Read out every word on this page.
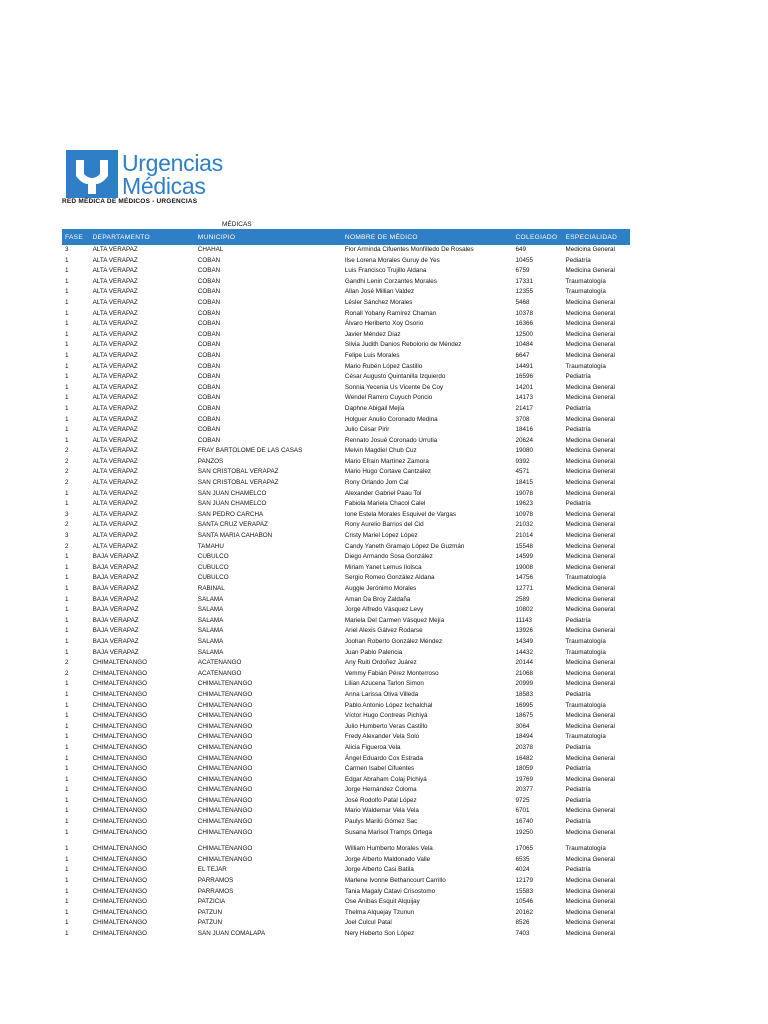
Urgencias
Médicas
RED MÉDICA DE MÉDICOS - URGENCIAS
MÉDICAS
FASE	DEPARTAMENTO	MUNICIPIO	NOMBRE DE MÉDICO	COLEGIADO	ESPECIALIDAD
3	ALTA VERAPAZ	CHAHAL	Flor Arminda Cifuentes Monfilledo De Rosales	649	Medicina General
1	ALTA VERAPAZ	COBAN	Ilse Lorena Morales Guruy de Yes	10455	Pediatría
1	ALTA VERAPAZ	COBAN	Luis Francisco Trujillo Aldana	6759	Medicina General
1	ALTA VERAPAZ	COBAN	Gandhi Lenin Corzantes Morales	17331	Traumatología
1	ALTA VERAPAZ	COBAN	Allan José Millian Valdez	12355	Traumatología
1	ALTA VERAPAZ	COBAN	Lésler Sánchez Morales	5468	Medicina General
1	ALTA VERAPAZ	COBAN	Ronall Yobany Ramírez Chaman	10378	Medicina General
1	ALTA VERAPAZ	COBAN	Álvaro Heriberto Xoy Osorio	16366	Medicina General
1	ALTA VERAPAZ	COBAN	Javier Méndez Díaz	12500	Medicina General
1	ALTA VERAPAZ	COBAN	Silvia Judith Danios Rebolorio de Méndez	10484	Medicina General
1	ALTA VERAPAZ	COBAN	Felipe Luis Morales	6647	Medicina General
1	ALTA VERAPAZ	COBAN	Mario Rubén López Castillo	14491	Traumatología
1	ALTA VERAPAZ	COBAN	César Augusto Quintanilla Izquierdo	16596	Pediatría
1	ALTA VERAPAZ	COBAN	Sonnia Yecenia Us Vicente De Coy	14201	Medicina General
1	ALTA VERAPAZ	COBAN	Wendel Ramiro Cuyuch Poncio	14173	Medicina General
1	ALTA VERAPAZ	COBAN	Daphne Abigail Mejía	21417	Pediatría
1	ALTA VERAPAZ	COBAN	Holguer Anulio Coronado Medina	3708	Medicina General
1	ALTA VERAPAZ	COBAN	Julio César Pirir	18416	Pediatría
1	ALTA VERAPAZ	COBAN	Rennato Josué Coronado Urrutia	20624	Medicina General
2	ALTA VERAPAZ	FRAY BARTOLOME DE LAS CASAS	Melvin Magdiel Chub Cuz	19080	Medicina General
2	ALTA VERAPAZ	PANZOS	Mario Efraín Martínez Zamora	9392	Medicina General
2	ALTA VERAPAZ	SAN CRISTOBAL VERAPAZ	Mario Hugo Cortave Cantzalez	4571	Medicina General
2	ALTA VERAPAZ	SAN CRISTOBAL VERAPAZ	Rony Orlando Jom Cal	18415	Medicina General
1	ALTA VERAPAZ	SAN JUAN CHAMELCO	Alexander Gabriel Paau Tol	19078	Medicina General
1	ALTA VERAPAZ	SAN JUAN CHAMELCO	Fabiola Mariela Chacol Calel	19623	Pediatría
3	ALTA VERAPAZ	SAN PEDRO CARCHA	Ione Estela Morales Esquivel de Vargas	10978	Medicina General
2	ALTA VERAPAZ	SANTA CRUZ VERAPAZ	Rony Aurelio Barrios del Cid	21032	Medicina General
3	ALTA VERAPAZ	SANTA MARIA CAHABON	Cristy Mariel López López	21014	Medicina General
2	ALTA VERAPAZ	TAMAHU	Candy Yaneth Gramajo López De Guzmán	15548	Medicina General
1	BAJA VERAPAZ	CUBULCO	Diego Armando Sosa González	14599	Medicina General
1	BAJA VERAPAZ	CUBULCO	Miriam Yanet Lemus Ilolsca	19008	Medicina General
1	BAJA VERAPAZ	CUBULCO	Sergio Romeo González Aldana	14756	Traumatología
1	BAJA VERAPAZ	RABINAL	Auggie Jerónimo Morales	12771	Medicina General
1	BAJA VERAPAZ	SALAMA	Aman Da Broy Zaldaña	2589	Medicina General
1	BAJA VERAPAZ	SALAMA	Jorge Alfredo Vásquez Levy	10802	Medicina General
1	BAJA VERAPAZ	SALAMA	Mariela Del Carmen Vásquez Mejía	11143	Pediatría
1	BAJA VERAPAZ	SALAMA	Ariel Alexis Gálvez Rodarse	13926	Medicina General
1	BAJA VERAPAZ	SALAMA	Joohan Roberto González Méndez	14349	Traumatología
1	BAJA VERAPAZ	SALAMA	Juan Pablo Palencia	14432	Traumatología
2	CHIMALTENANGO	ACATENANGO	Any Ruiti Ordoñez Juárez	20144	Medicina General
2	CHIMALTENANGO	ACATENANGO	Vemmy Fabián Pérez Monterroso	21068	Medicina General
1	CHIMALTENANGO	CHIMALTENANGO	Lilian Azucena Tarlon Simon	20999	Medicina General
1	CHIMALTENANGO	CHIMALTENANGO	Anna Larissa Oliva Villeda	18583	Pediatría
1	CHIMALTENANGO	CHIMALTENANGO	Pablo Antonio López Ixchalchal	16995	Traumatología
1	CHIMALTENANGO	CHIMALTENANGO	Víctor Hugo Contreas Pichiyá	18675	Medicina General
1	CHIMALTENANGO	CHIMALTENANGO	Julio Humberto Veras Castillo	3064	Medicina General
1	CHIMALTENANGO	CHIMALTENANGO	Fredy Alexander Vela Solo	18494	Traumatología
1	CHIMALTENANGO	CHIMALTENANGO	Alicia Figueroa Vela	20378	Pediatría
1	CHIMALTENANGO	CHIMALTENANGO	Ángel Eduardo Cox Estrada	16482	Medicina General
1	CHIMALTENANGO	CHIMALTENANGO	Carmen Isabel Cifuentes	18059	Pediatría
1	CHIMALTENANGO	CHIMALTENANGO	Edgar Abraham Colaj Pichiyá	19769	Medicina General
1	CHIMALTENANGO	CHIMALTENANGO	Jorge Hernández Coloma	20377	Pediatría
1	CHIMALTENANGO	CHIMALTENANGO	José Rodolfo Patal López	9725	Pediatría
1	CHIMALTENANGO	CHIMALTENANGO	Mario Waldemar Vela Vela	6701	Medicina General
1	CHIMALTENANGO	CHIMALTENANGO	Paulys Marilú Gómez Sac	16740	Pediatría
1	CHIMALTENANGO	CHIMALTENANGO	Susana Marisol Tramps Ortega	19250	Medicina General

1	CHIMALTENANGO	CHIMALTENANGO	William Humberto Morales Vela	17065	Traumatología
1	CHIMALTENANGO	CHIMALTENANGO	Jorge Alberto Maldonado Valle	6535	Medicina General
1	CHIMALTENANGO	EL TEJAR	Jorge Alberto Casi Batila	4024	Pediatría
1	CHIMALTENANGO	PARRAMOS	Marlene Ivonne Bethancourt Carrillo	12179	Medicina General
1	CHIMALTENANGO	PARRAMOS	Tania Magaly Catavi Crisostomo	15583	Medicina General
1	CHIMALTENANGO	PATZICIA	Ose Anibas Esquit Alquijay	10546	Medicina General
1	CHIMALTENANGO	PATZUN	Thelma Alquejay Tzunun	20162	Medicina General
1	CHIMALTENANGO	PATZUN	Joel Culcul Patal	8526	Medicina General
1	CHIMALTENANGO	SAN JUAN COMALAPA	Nery Heberto Son López	7403	Medicina General
